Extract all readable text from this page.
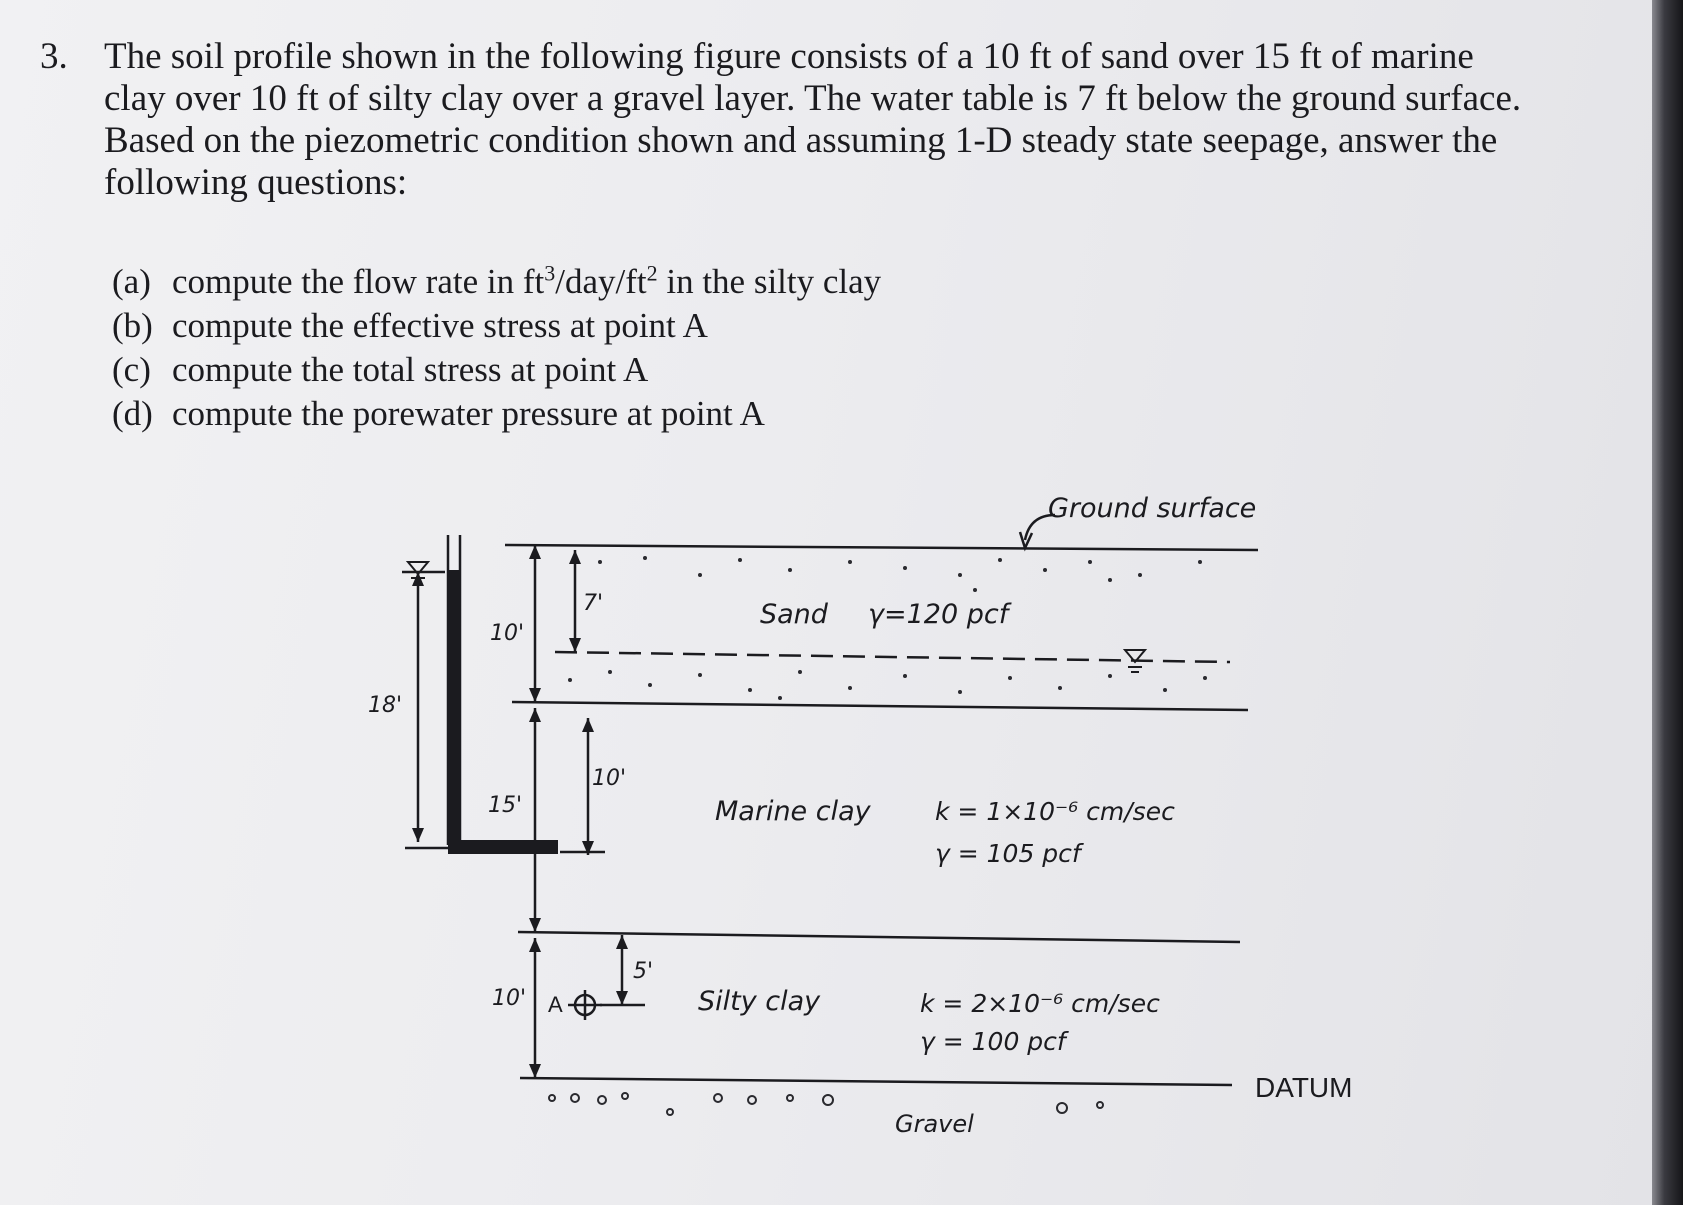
3. The soil profile shown in the following figure consists of a 10 ft of sand over 15 ft of marine
clay over 10 ft of silty clay over a gravel layer. The water table is 7 ft below the ground surface.
Based on the piezometric condition shown and assuming 1-D steady state seepage, answer the
following questions:
(a) compute the flow rate in $ft^3/day/ft^2$ in the silty clay
(b) compute the effective stress at point A
(c) compute the total stress at point A
(d) compute the porewater pressure at point A
Ground surface
10'
7'	Sand γ=120 pcf
18'
10'
15'	Marine clay	k = 1×10⁻⁶ cm/sec
γ = 105 pcf
5'
10' A	Silty clay	k = 2×10⁻⁶ cm/sec
γ = 100 pcf
DATUM
Gravel
